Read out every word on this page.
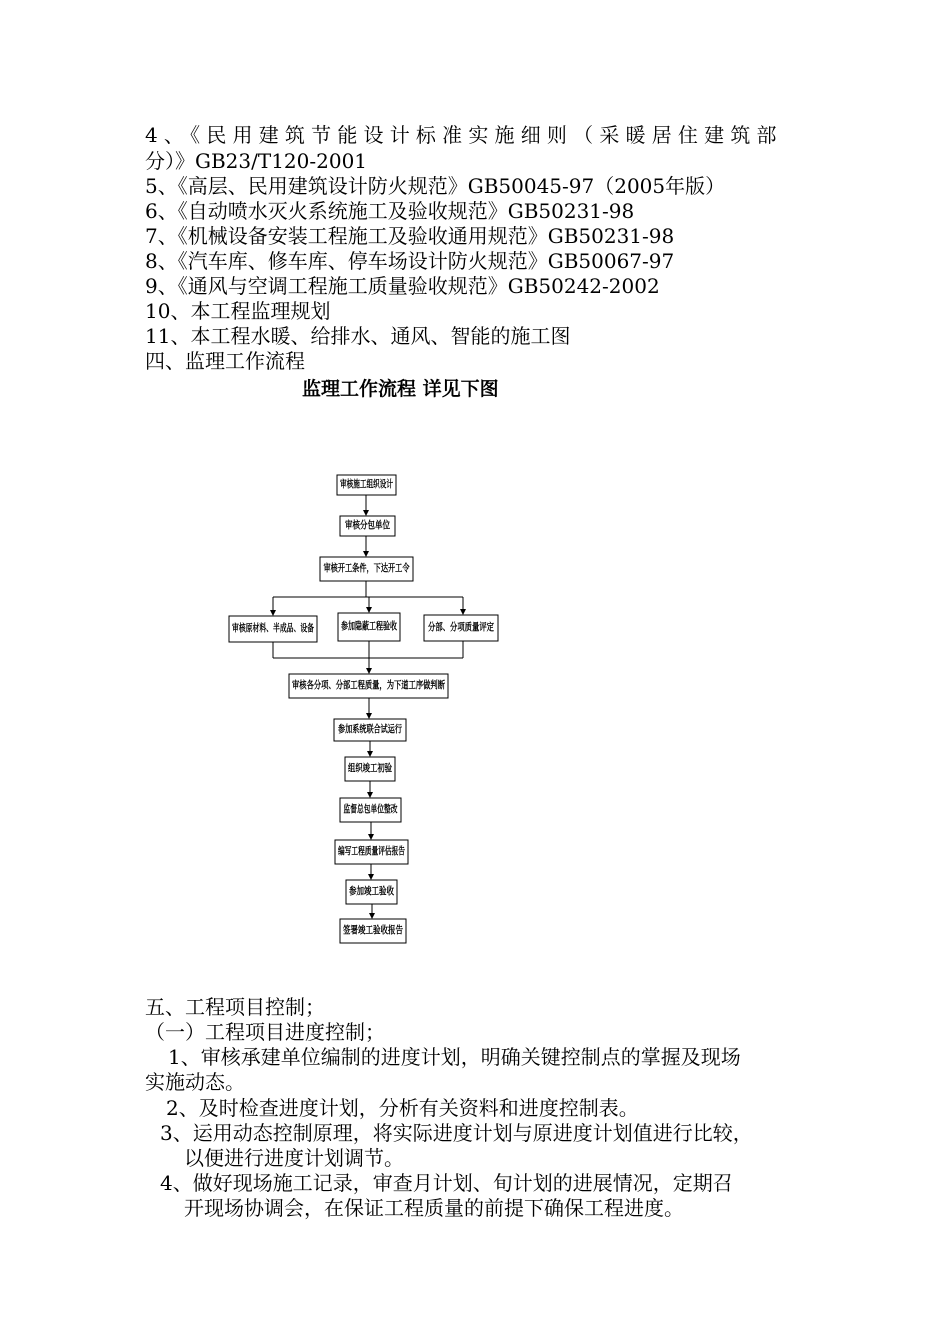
4、《民用建筑节能设计标准实施细则（采暖居住建筑部
分）》GB23/T120-2001
5、《高层、民用建筑设计防火规范》GB50045-97（2005年版）
6、《自动喷水灭火系统施工及验收规范》GB50231-98
7、《机械设备安装工程施工及验收通用规范》GB50231-98
8、《汽车库、修车库、停车场设计防火规范》GB50067-97
9、《通风与空调工程施工质量验收规范》GB50242-2002
10、本工程监理规划
11、本工程水暖、给排水、通风、智能的施工图
四、监理工作流程
监理工作流程 详见下图
审核施工组织设计
审核分包单位
审核开工条件，下达开工令
审核原材料、半成品、设备
参加隐蔽工程验收 分部、分项质量评定
审核各分项、分部工程质量，为下道工序做判断
参加系统联合试运行
组织竣工初验
监督总包单位整改
编写工程质量评估报告
参加竣工验收
签署竣工验收报告
五、工程项目控制；
（一）工程项目进度控制；
1、审核承建单位编制的进度计划，明确关键控制点的掌握及现场
实施动态。
2、及时检查进度计划，分析有关资料和进度控制表。
3、运用动态控制原理，将实际进度计划与原进度计划值进行比较，
以便进行进度计划调节。
4、做好现场施工记录，审查月计划、旬计划的进展情况，定期召
开现场协调会，在保证工程质量的前提下确保工程进度。
